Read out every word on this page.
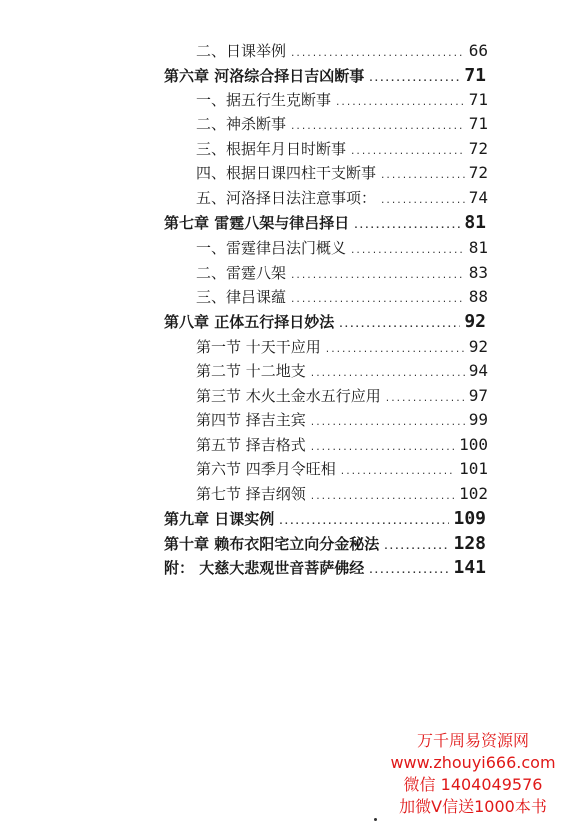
二、日课举例 .....	66
第六章 河洛综合择日吉凶断事 .....	71
一、据五行生克断事 .....	71
二、神杀断事 .....	71
三、根据年月日时断事 .....	72
四、根据日课四柱干支断事 .....	72
五、河洛择日法注意事项： .....	74
第七章 雷霆八架与律吕择日 .....	81
一、雷霆律吕法门概义 .....	81
二、雷霆八架 .....	83
三、律吕课蕴 .....	88
第八章 正体五行择日妙法 .....	92
第一节 十天干应用 .....	92
第二节 十二地支 .....	94
第三节 木火土金水五行应用 .....	97
第四节 择吉主宾 .....	99
第五节 择吉格式 .....	100
第六节 四季月令旺相 .....	101
第七节 择吉纲领 .....	102
第九章 日课实例 .....	109
第十章 赖布衣阳宅立向分金秘法 .....	128
附： 大慈大悲观世音菩萨佛经 .....	141
万千周易资源网
www.zhouyi666.com
微信 1404049576
加微V信送1000本书
